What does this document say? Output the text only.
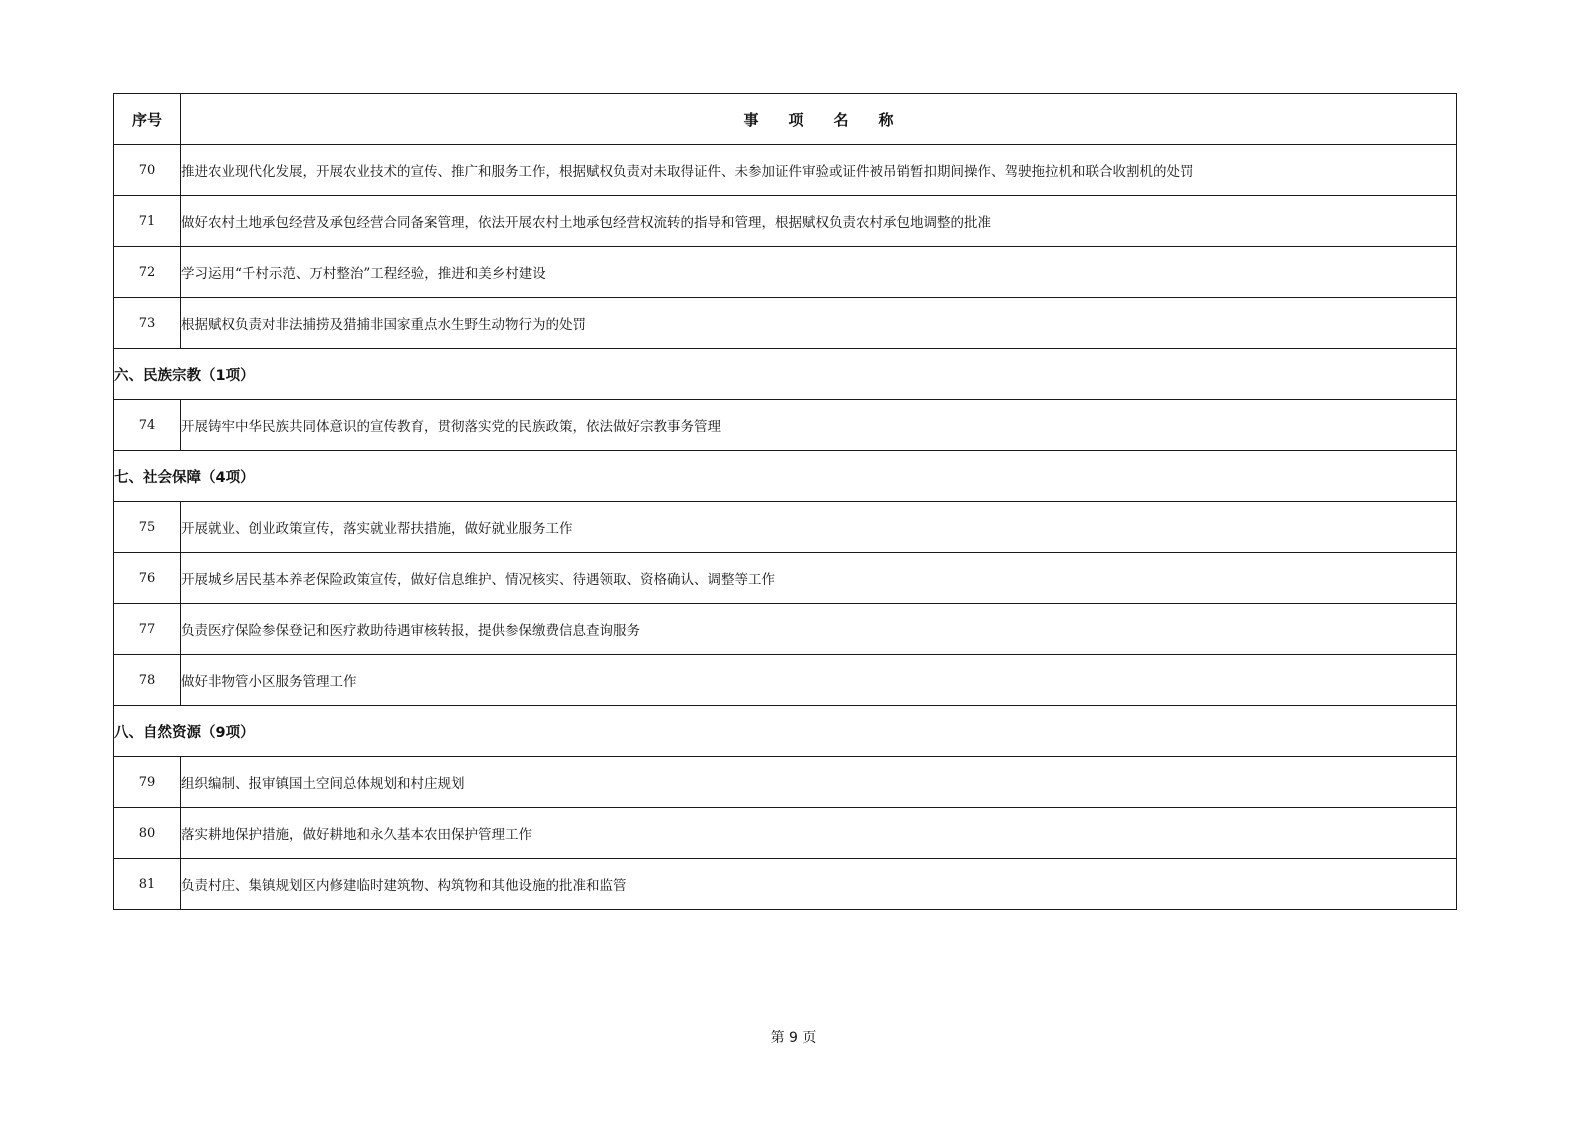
序号	事　　项　　名　　称
70	推进农业现代化发展，开展农业技术的宣传、推广和服务工作，根据赋权负责对未取得证件、未参加证件审验或证件被吊销暂扣期间操作、驾驶拖拉机和联合收割机的处罚
71	做好农村土地承包经营及承包经营合同备案管理，依法开展农村土地承包经营权流转的指导和管理，根据赋权负责农村承包地调整的批准
72	学习运用“千村示范、万村整治”工程经验，推进和美乡村建设
73	根据赋权负责对非法捕捞及猎捕非国家重点水生野生动物行为的处罚
六、民族宗教（1项）	
74	开展铸牢中华民族共同体意识的宣传教育，贯彻落实党的民族政策，依法做好宗教事务管理
七、社会保障（4项）	
75	开展就业、创业政策宣传，落实就业帮扶措施，做好就业服务工作
76	开展城乡居民基本养老保险政策宣传，做好信息维护、情况核实、待遇领取、资格确认、调整等工作
77	负责医疗保险参保登记和医疗救助待遇审核转报，提供参保缴费信息查询服务
78	做好非物管小区服务管理工作
八、自然资源（9项）	
79	组织编制、报审镇国土空间总体规划和村庄规划
80	落实耕地保护措施，做好耕地和永久基本农田保护管理工作
81	负责村庄、集镇规划区内修建临时建筑物、构筑物和其他设施的批准和监管
第 9 页
